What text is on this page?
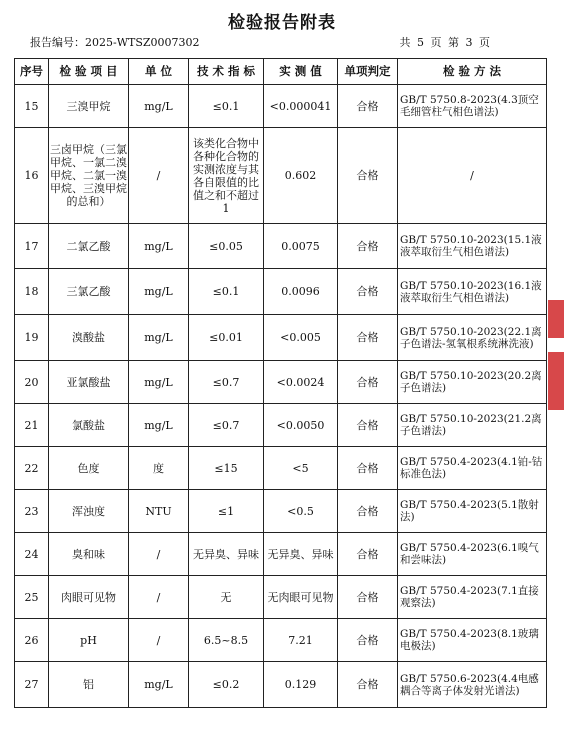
检验报告附表
报告编号：2025-WTSZ0007302	共 5 页 第 3 页
序号	检 验 项 目	单 位	技 术 指 标	实 测 值	单项判定	检 验 方 法
15	三溴甲烷	mg/L	≤0.1	<0.000041	合格	GB/T 5750.8-2023(4.3顶空毛细管柱气相色谱法)
16	三卤甲烷（三氯甲烷、一氯二溴甲烷、二氯一溴甲烷、三溴甲烷的总和）	/	该类化合物中各种化合物的实测浓度与其各自限值的比值之和不超过1	0.602	合格	/
17	二氯乙酸	mg/L	≤0.05	0.0075	合格	GB/T 5750.10-2023(15.1液液萃取衍生气相色谱法)
18	三氯乙酸	mg/L	≤0.1	0.0096	合格	GB/T 5750.10-2023(16.1液液萃取衍生气相色谱法)
19	溴酸盐	mg/L	≤0.01	<0.005	合格	GB/T 5750.10-2023(22.1离子色谱法-氢氧根系统淋洗液)
20	亚氯酸盐	mg/L	≤0.7	<0.0024	合格	GB/T 5750.10-2023(20.2离子色谱法)
21	氯酸盐	mg/L	≤0.7	<0.0050	合格	GB/T 5750.10-2023(21.2离子色谱法)
22	色度	度	≤15	<5	合格	GB/T 5750.4-2023(4.1铂-钴标准色法)
23	浑浊度	NTU	≤1	<0.5	合格	GB/T 5750.4-2023(5.1散射法)
24	臭和味	/	无异臭、异味	无异臭、异味	合格	GB/T 5750.4-2023(6.1嗅气和尝味法)
25	肉眼可见物	/	无	无肉眼可见物	合格	GB/T 5750.4-2023(7.1直接观察法)
26	pH	/	6.5~8.5	7.21	合格	GB/T 5750.4-2023(8.1玻璃电极法)
27	铝	mg/L	≤0.2	0.129	合格	GB/T 5750.6-2023(4.4电感耦合等离子体发射光谱法)
